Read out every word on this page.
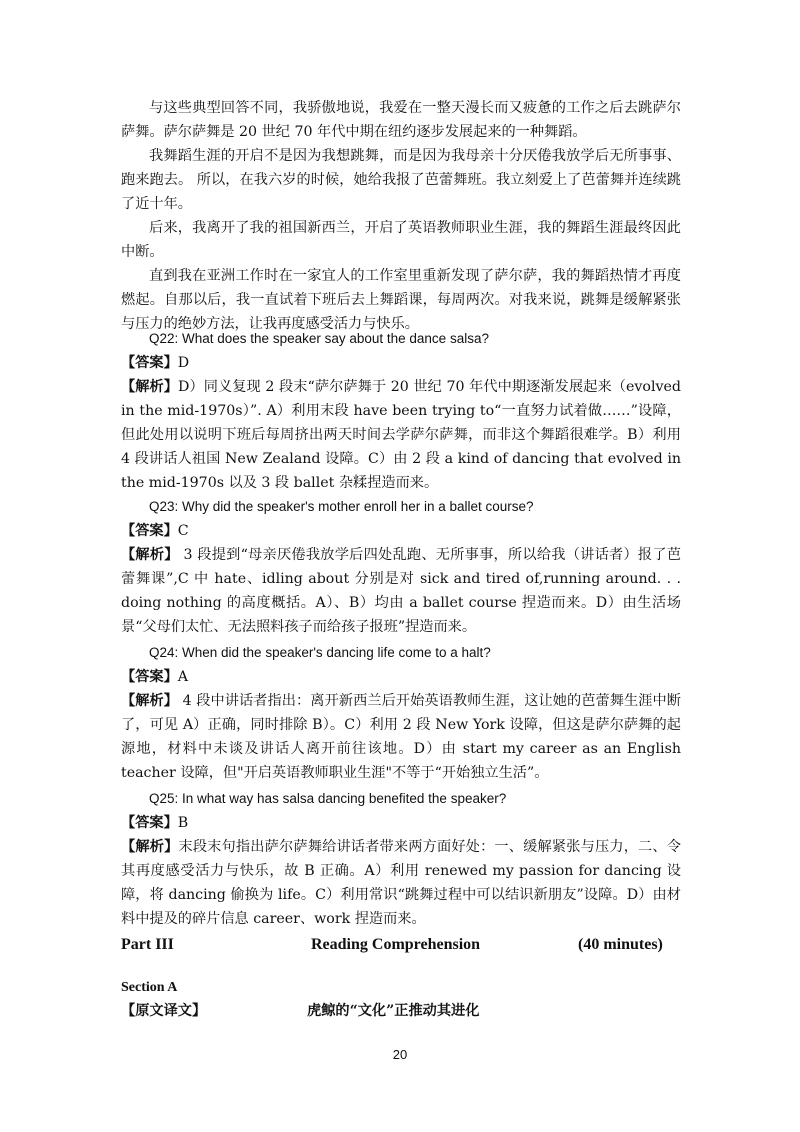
与这些典型回答不同，我骄傲地说，我爱在一整天漫长而又疲惫的工作之后去跳萨尔萨舞。萨尔萨舞是 20 世纪 70 年代中期在纽约逐步发展起来的一种舞蹈。

我舞蹈生涯的开启不是因为我想跳舞，而是因为我母亲十分厌倦我放学后无所事事、跑来跑去。 所以，在我六岁的时候，她给我报了芭蕾舞班。我立刻爱上了芭蕾舞并连续跳了近十年。

后来，我离开了我的祖国新西兰，开启了英语教师职业生涯，我的舞蹈生涯最终因此中断。

直到我在亚洲工作时在一家宜人的工作室里重新发现了萨尔萨，我的舞蹈热情才再度燃起。自那以后，我一直试着下班后去上舞蹈课，每周两次。对我来说，跳舞是缓解紧张与压力的绝妙方法，让我再度感受活力与快乐。

Q22: What does the speaker say about the dance salsa?

【答案】D

【解析】D）同义复现 2 段末“萨尔萨舞于 20 世纪 70 年代中期逐渐发展起来（evolved in the mid-1970s）”. A）利用末段 have been trying to“一直努力试着做……”设障，但此处用以说明下班后每周挤出两天时间去学萨尔萨舞，而非这个舞蹈很难学。B）利用 4 段讲话人祖国 New Zealand 设障。C）由 2 段 a kind of dancing that evolved in the mid-1970s 以及 3 段 ballet 杂糅捏造而来。

Q23: Why did the speaker's mother enroll her in a ballet course?

【答案】C

【解析】 3 段提到“母亲厌倦我放学后四处乱跑、无所事事，所以给我（讲话者）报了芭蕾舞课”,C 中 hate、idling about 分别是对 sick and tired of,running around. . . doing nothing 的高度概括。A）、B）均由 a ballet course 捏造而来。D）由生活场景“父母们太忙、无法照料孩子而给孩子报班”捏造而来。

Q24: When did the speaker's dancing life come to a halt?

【答案】A

【解析】 4 段中讲话者指出：离开新西兰后开始英语教师生涯，这让她的芭蕾舞生涯中断了，可见 A）正确，同时排除 B）。C）利用 2 段 New York 设障，但这是萨尔萨舞的起源地，材料中未谈及讲话人离开前往该地。D）由 start my career as an English teacher 设障，但"开启英语教师职业生涯"不等于“开始独立生活”。

Q25: In what way has salsa dancing benefited the speaker?

【答案】B

【解析】末段末句指出萨尔萨舞给讲话者带来两方面好处：一、缓解紧张与压力，二、令其再度感受活力与快乐，故 B 正确。A）利用 renewed my passion for dancing 设障，将 dancing 偷换为 life。C）利用常识“跳舞过程中可以结识新朋友”设障。D）由材料中提及的碎片信息 career、work 捏造而来。

Part III	Reading Comprehension	(40 minutes)
Section A
【原文译文】	虎鲸的“文化”正推动其进化
20
